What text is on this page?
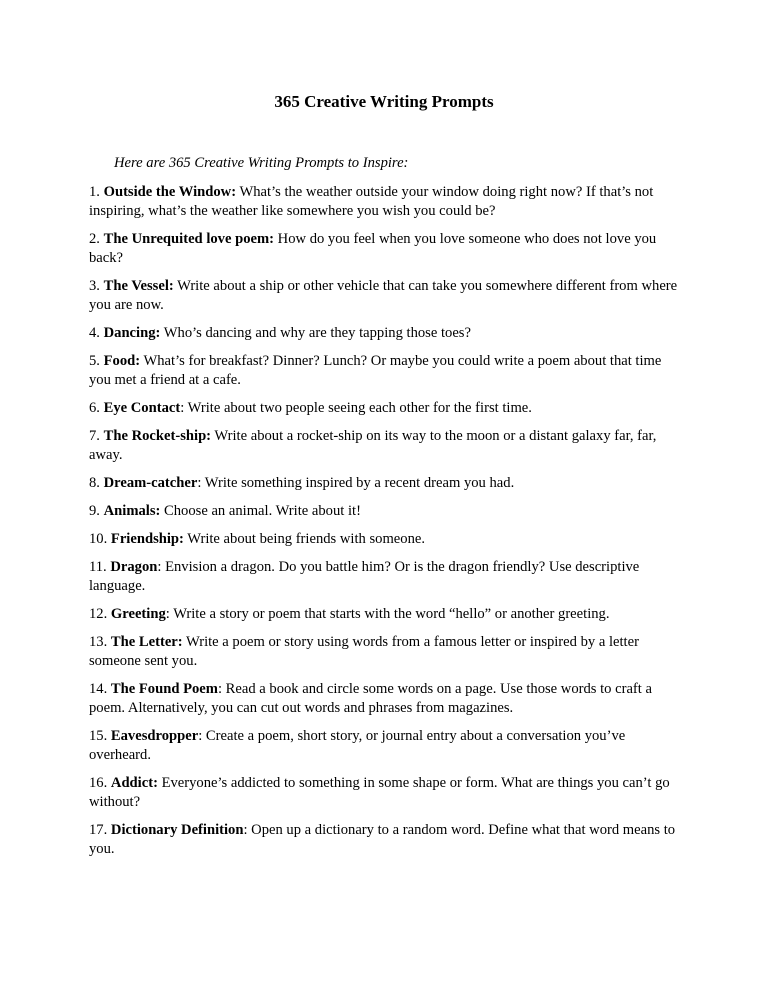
365 Creative Writing Prompts
Here are 365 Creative Writing Prompts to Inspire:
1. Outside the Window: What’s the weather outside your window doing right now? If that’s not inspiring, what’s the weather like somewhere you wish you could be?
2. The Unrequited love poem: How do you feel when you love someone who does not love you back?
3. The Vessel: Write about a ship or other vehicle that can take you somewhere different from where you are now.
4. Dancing: Who’s dancing and why are they tapping those toes?
5. Food: What’s for breakfast? Dinner? Lunch? Or maybe you could write a poem about that time you met a friend at a cafe.
6. Eye Contact: Write about two people seeing each other for the first time.
7. The Rocket-ship: Write about a rocket-ship on its way to the moon or a distant galaxy far, far, away.
8. Dream-catcher: Write something inspired by a recent dream you had.
9. Animals: Choose an animal. Write about it!
10. Friendship: Write about being friends with someone.
11. Dragon: Envision a dragon. Do you battle him? Or is the dragon friendly? Use descriptive language.
12. Greeting: Write a story or poem that starts with the word “hello” or another greeting.
13. The Letter: Write a poem or story using words from a famous letter or inspired by a letter someone sent you.
14. The Found Poem: Read a book and circle some words on a page. Use those words to craft a poem. Alternatively, you can cut out words and phrases from magazines.
15. Eavesdropper: Create a poem, short story, or journal entry about a conversation you’ve overheard.
16. Addict: Everyone’s addicted to something in some shape or form. What are things you can’t go without?
17. Dictionary Definition: Open up a dictionary to a random word. Define what that word means to you.
